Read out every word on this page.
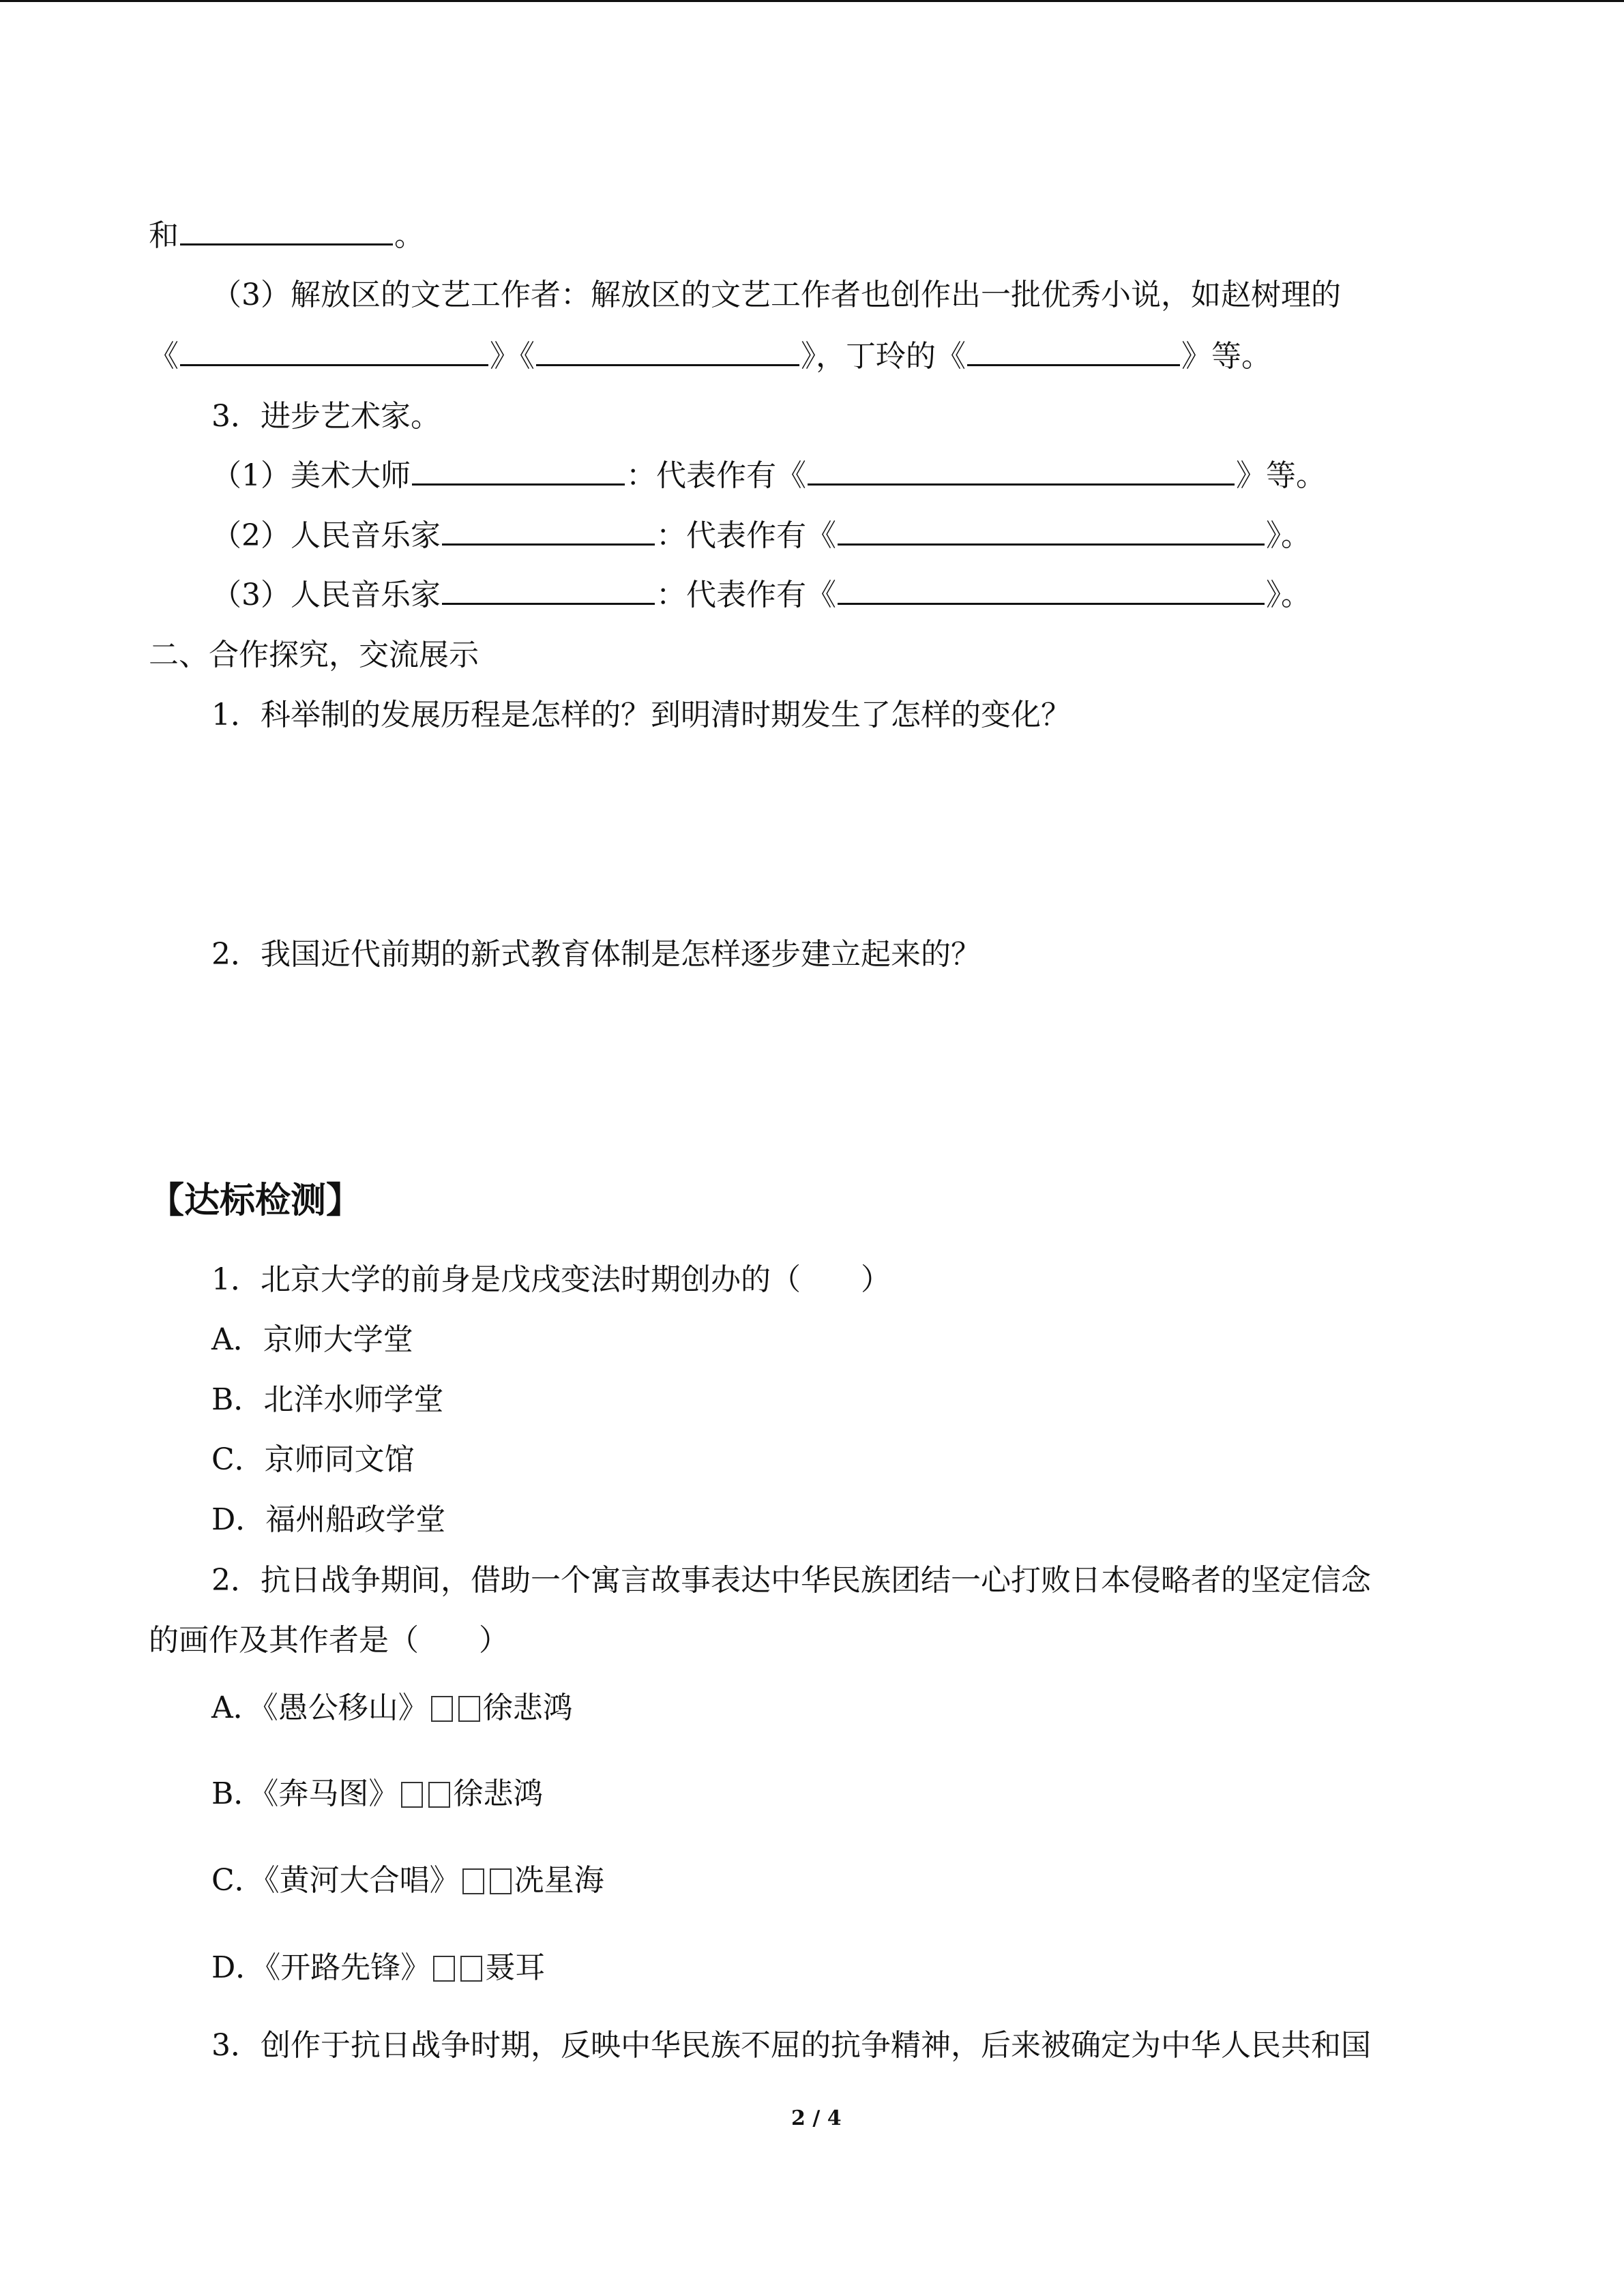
和	。
（3）解放区的文艺工作者：解放区的文艺工作者也创作出一批优秀小说，如赵树理的
《	》《	》，丁玲的《	》等。
3．进步艺术家。
（1）美术大师	：代表作有《	》等。
（2）人民音乐家	：代表作有《	》。
（3）人民音乐家	：代表作有《	》。
二、合作探究，交流展示
1．科举制的发展历程是怎样的？到明清时期发生了怎样的变化？
2．我国近代前期的新式教育体制是怎样逐步建立起来的？
【达标检测】
1．北京大学的前身是戊戌变法时期创办的（　　）
A．京师大学堂
B．北洋水师学堂
C．京师同文馆
D．福州船政学堂
2．抗日战争期间，借助一个寓言故事表达中华民族团结一心打败日本侵略者的坚定信念
的画作及其作者是（　　）
A．《愚公移山》 徐悲鸿
B．《奔马图》 徐悲鸿
C．《黄河大合唱》 冼星海
D．《开路先锋》 聂耳
3．创作于抗日战争时期，反映中华民族不屈的抗争精神，后来被确定为中华人民共和国
2 / 4
